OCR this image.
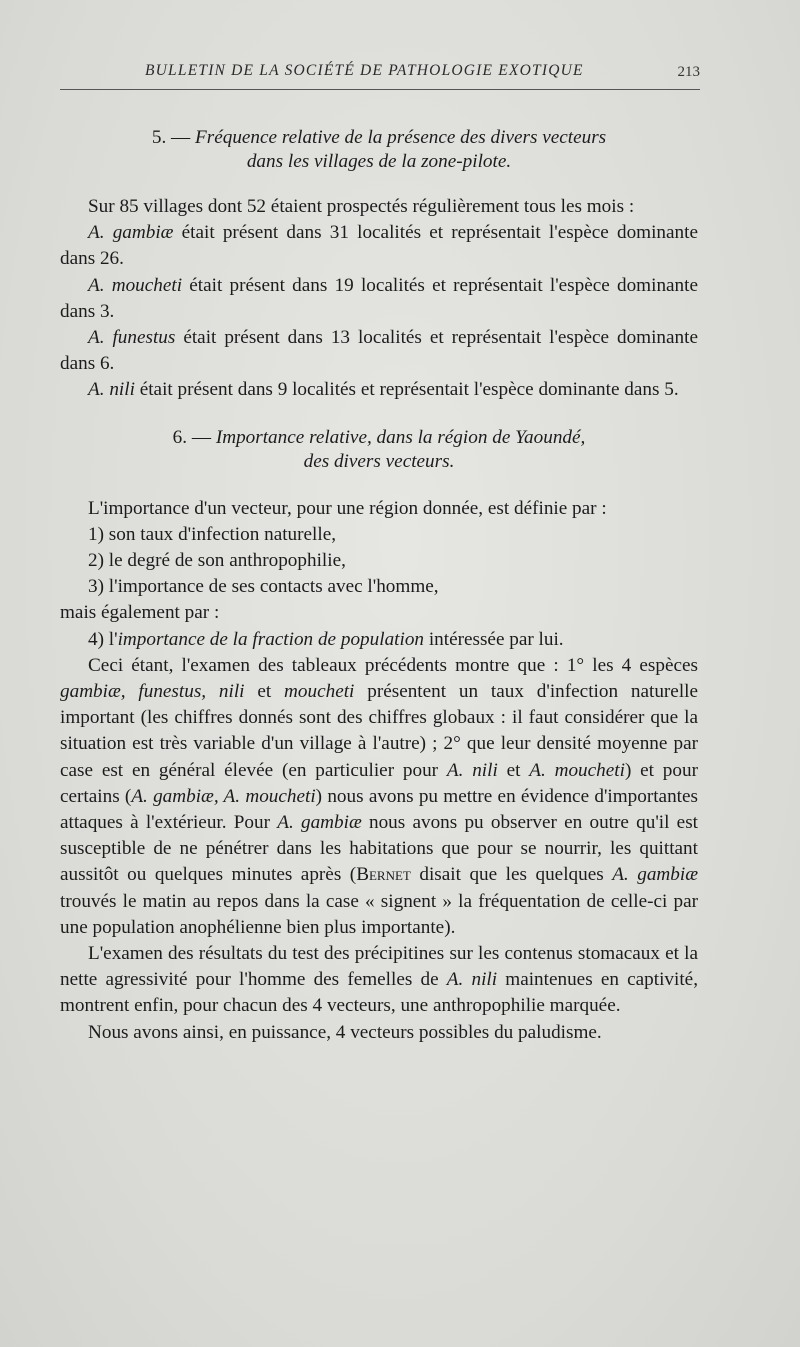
BULLETIN DE LA SOCIÉTÉ DE PATHOLOGIE EXOTIQUE	213
5. — Fréquence relative de la présence des divers vecteurs
dans les villages de la zone-pilote.

Sur 85 villages dont 52 étaient prospectés régulièrement tous les mois :

A. gambiæ était présent dans 31 localités et représentait l'espèce dominante dans 26.

A. moucheti était présent dans 19 localités et représentait l'espèce dominante dans 3.

A. funestus était présent dans 13 localités et représentait l'espèce dominante dans 6.

A. nili était présent dans 9 localités et représentait l'espèce dominante dans 5.

6. — Importance relative, dans la région de Yaoundé,
des divers vecteurs.

L'importance d'un vecteur, pour une région donnée, est définie par :

1) son taux d'infection naturelle,

2) le degré de son anthropophilie,

3) l'importance de ses contacts avec l'homme,

mais également par :

4) l'importance de la fraction de population intéressée par lui.

Ceci étant, l'examen des tableaux précédents montre que : 1° les 4 espèces gambiæ, funestus, nili et moucheti présentent un taux d'infection naturelle important (les chiffres donnés sont des chiffres globaux : il faut considérer que la situation est très variable d'un village à l'autre) ; 2° que leur densité moyenne par case est en général élevée (en particulier pour A. nili et A. moucheti) et pour certains (A. gambiæ, A. moucheti) nous avons pu mettre en évidence d'importantes attaques à l'extérieur. Pour A. gambiæ nous avons pu observer en outre qu'il est susceptible de ne pénétrer dans les habitations que pour se nourrir, les quittant aussitôt ou quelques minutes après (Bernet disait que les quelques A. gambiæ trouvés le matin au repos dans la case « signent » la fréquentation de celle-ci par une population anophélienne bien plus importante).

L'examen des résultats du test des précipitines sur les contenus stomacaux et la nette agressivité pour l'homme des femelles de A. nili maintenues en captivité, montrent enfin, pour chacun des 4 vecteurs, une anthropophilie marquée.

Nous avons ainsi, en puissance, 4 vecteurs possibles du paludisme.
